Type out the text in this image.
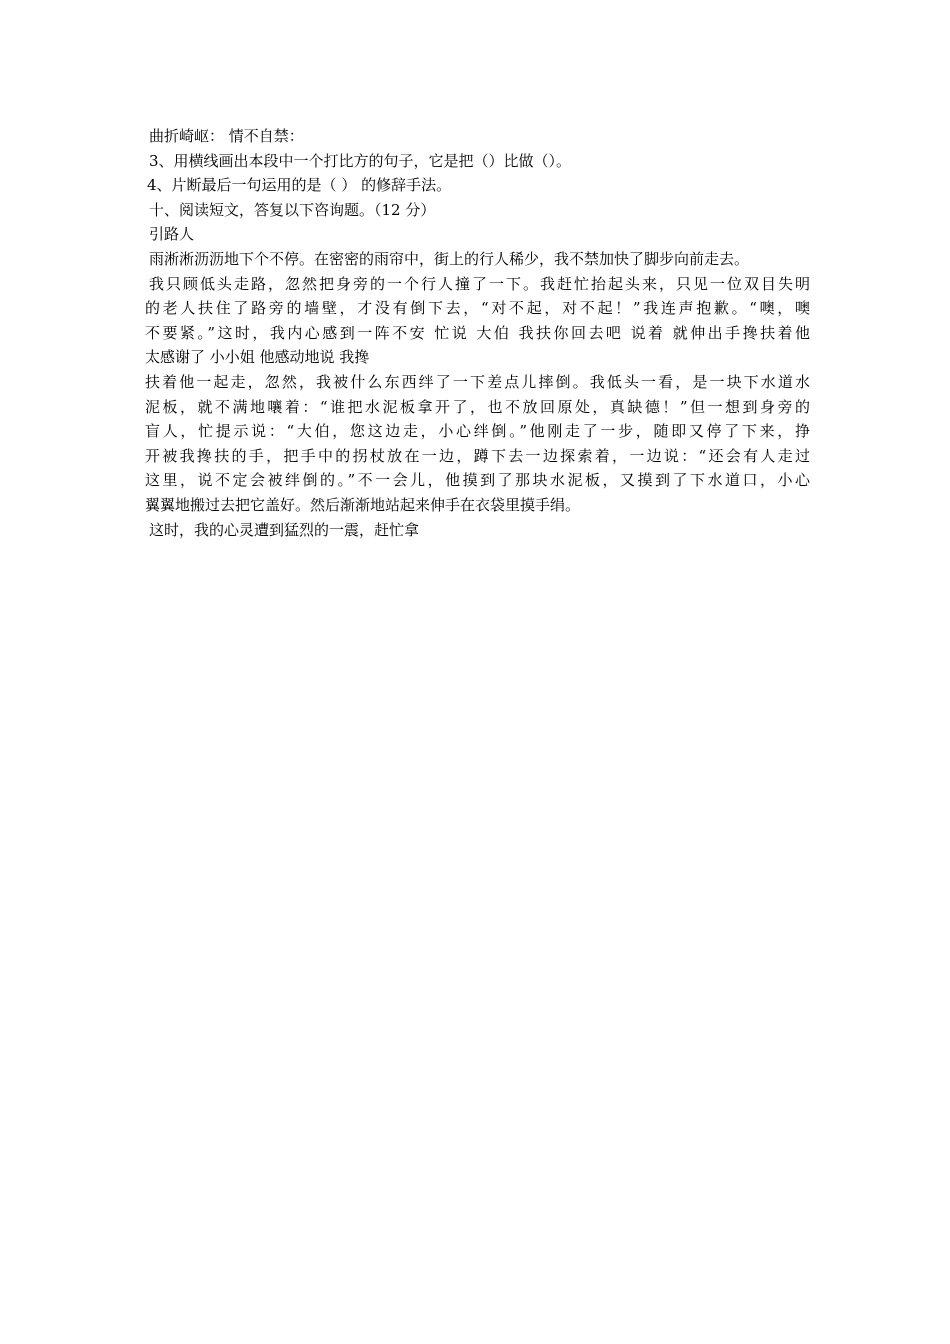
曲折崎岖： 情不自禁：
3、用横线画出本段中一个打比方的句子，它是把（）比做（）。
4、片断最后一句运用的是（ ） 的修辞手法。
十、阅读短文，答复以下咨询题。（12 分）
引路人
雨淅淅沥沥地下个不停。在密密的雨帘中，街上的行人稀少，我不禁加快了脚步向前走去。
我只顾低头走路，忽然把身旁的一个行人撞了一下。我赶忙抬起头来，只见一位双目失明
的老人扶住了路旁的墙壁，才没有倒下去，“对不起，对不起！”我连声抱歉。“噢，噢
不要紧。”这时，我内心感到一阵不安 忙说 大伯 我扶你回去吧 说着 就伸出手搀扶着他
太感谢了 小小姐 他感动地说 我搀
扶着他一起走，忽然，我被什么东西绊了一下差点儿摔倒。我低头一看，是一块下水道水
泥板，就不满地嚷着：“谁把水泥板拿开了，也不放回原处，真缺德！”但一想到身旁的
盲人，忙提示说：“大伯，您这边走，小心绊倒。”他刚走了一步，随即又停了下来，挣
开被我搀扶的手，把手中的拐杖放在一边，蹲下去一边探索着，一边说：“还会有人走过
这里，说不定会被绊倒的。”不一会儿，他摸到了那块水泥板，又摸到了下水道口，小心
翼翼地搬过去把它盖好。然后渐渐地站起来伸手在衣袋里摸手绢。
这时，我的心灵遭到猛烈的一震，赶忙拿
